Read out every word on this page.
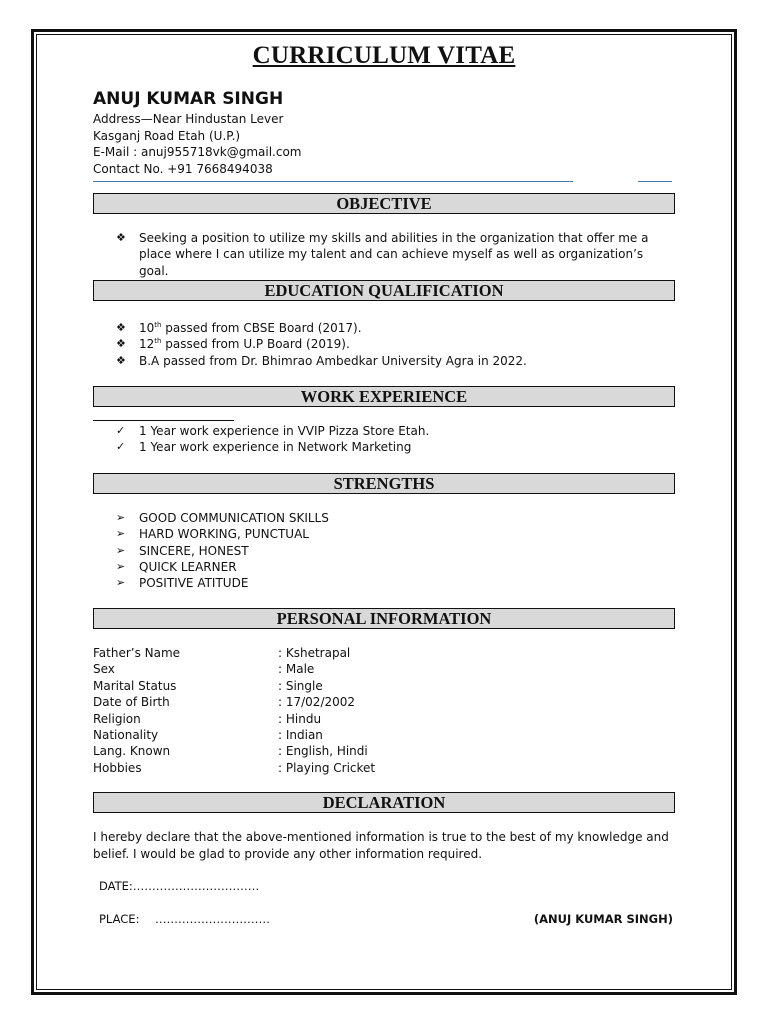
CURRICULUM VITAE
ANUJ KUMAR SINGH
Address—Near Hindustan Lever
Kasganj Road Etah (U.P.)
E-Mail : anuj955718vk@gmail.com
Contact No. +91 7668494038
OBJECTIVE
❖	Seeking a position to utilize my skills and abilities in the organization that offer me a place where I can utilize my talent and can achieve myself as well as organization’s goal.
EDUCATION QUALIFICATION
❖	10th passed from CBSE Board (2017).
❖	12th passed from U.P Board (2019).
❖	B.A passed from Dr. Bhimrao Ambedkar University Agra in 2022.
WORK EXPERIENCE
✓	1 Year work experience in VVIP Pizza Store Etah.
✓	1 Year work experience in Network Marketing
STRENGTHS
➢	GOOD COMMUNICATION SKILLS
➢	HARD WORKING, PUNCTUAL
➢	SINCERE, HONEST
➢	QUICK LEARNER
➢	POSITIVE ATITUDE
PERSONAL INFORMATION
Father’s Name	: Kshetrapal
Sex	: Male
Marital Status	: Single
Date of Birth	: 17/02/2002
Religion	: Hindu
Nationality	: Indian
Lang. Known	: English, Hindi
Hobbies	: Playing Cricket
DECLARATION
I hereby declare that the above-mentioned information is true to the best of my knowledge and belief. I would be glad to provide any other information required.
DATE:……………………………
PLACE: …………………………	(ANUJ KUMAR SINGH)
